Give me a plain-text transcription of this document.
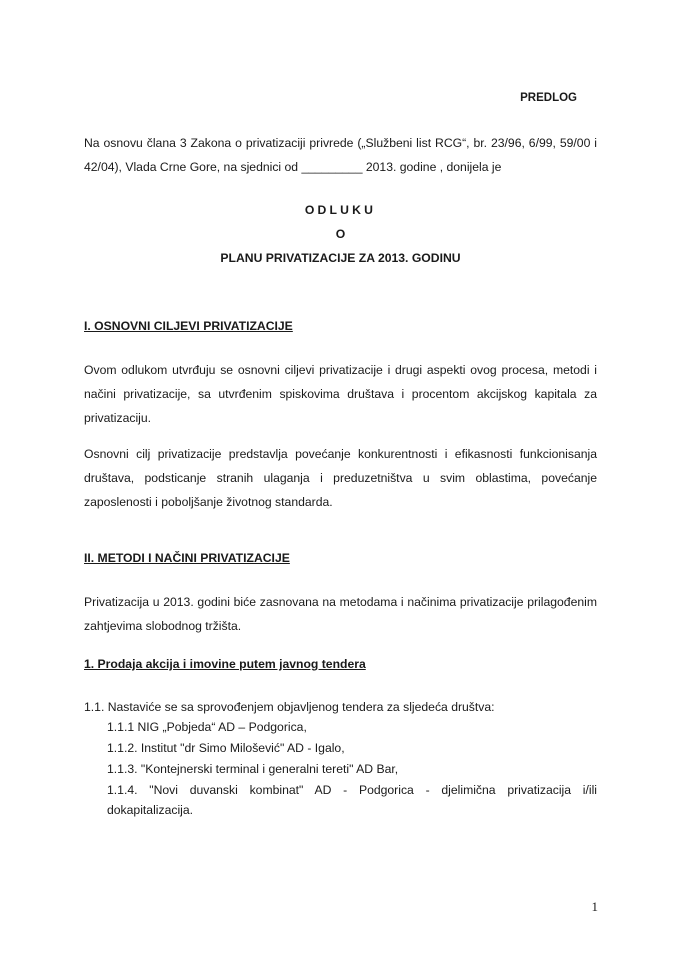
PREDLOG
Na osnovu člana 3 Zakona o privatizaciji privrede („Službeni list RCG“, br. 23/96, 6/99, 59/00 i 42/04), Vlada Crne Gore, na sjednici od _________ 2013. godine , donijela je
ODLUKU
O
PLANU PRIVATIZACIJE ZA 2013. GODINU
I. OSNOVNI CILJEVI PRIVATIZACIJE
Ovom odlukom utvrđuju se osnovni ciljevi privatizacije i drugi aspekti ovog procesa, metodi i načini privatizacije, sa utvrđenim spiskovima društava i procentom akcijskog kapitala za privatizaciju.
Osnovni cilj privatizacije predstavlja povećanje konkurentnosti i efikasnosti funkcionisanja društava, podsticanje stranih ulaganja i preduzetništva u svim oblastima, povećanje zaposlenosti i poboljšanje životnog standarda.
II. METODI I NAČINI PRIVATIZACIJE
Privatizacija u 2013. godini biće zasnovana na metodama i načinima privatizacije prilagođenim zahtjevima slobodnog tržišta.
1. Prodaja akcija i imovine putem javnog tendera
1.1. Nastaviće se sa sprovođenjem objavljenog tendera za sljedeća društva:
1.1.1 NIG „Pobjeda“ AD – Podgorica,
1.1.2. Institut "dr Simo Milošević" AD - Igalo,
1.1.3. "Kontejnerski terminal i generalni tereti" AD Bar,
1.1.4. "Novi duvanski kombinat" AD - Podgorica - djelimična privatizacija i/ili dokapitalizacija.
1
